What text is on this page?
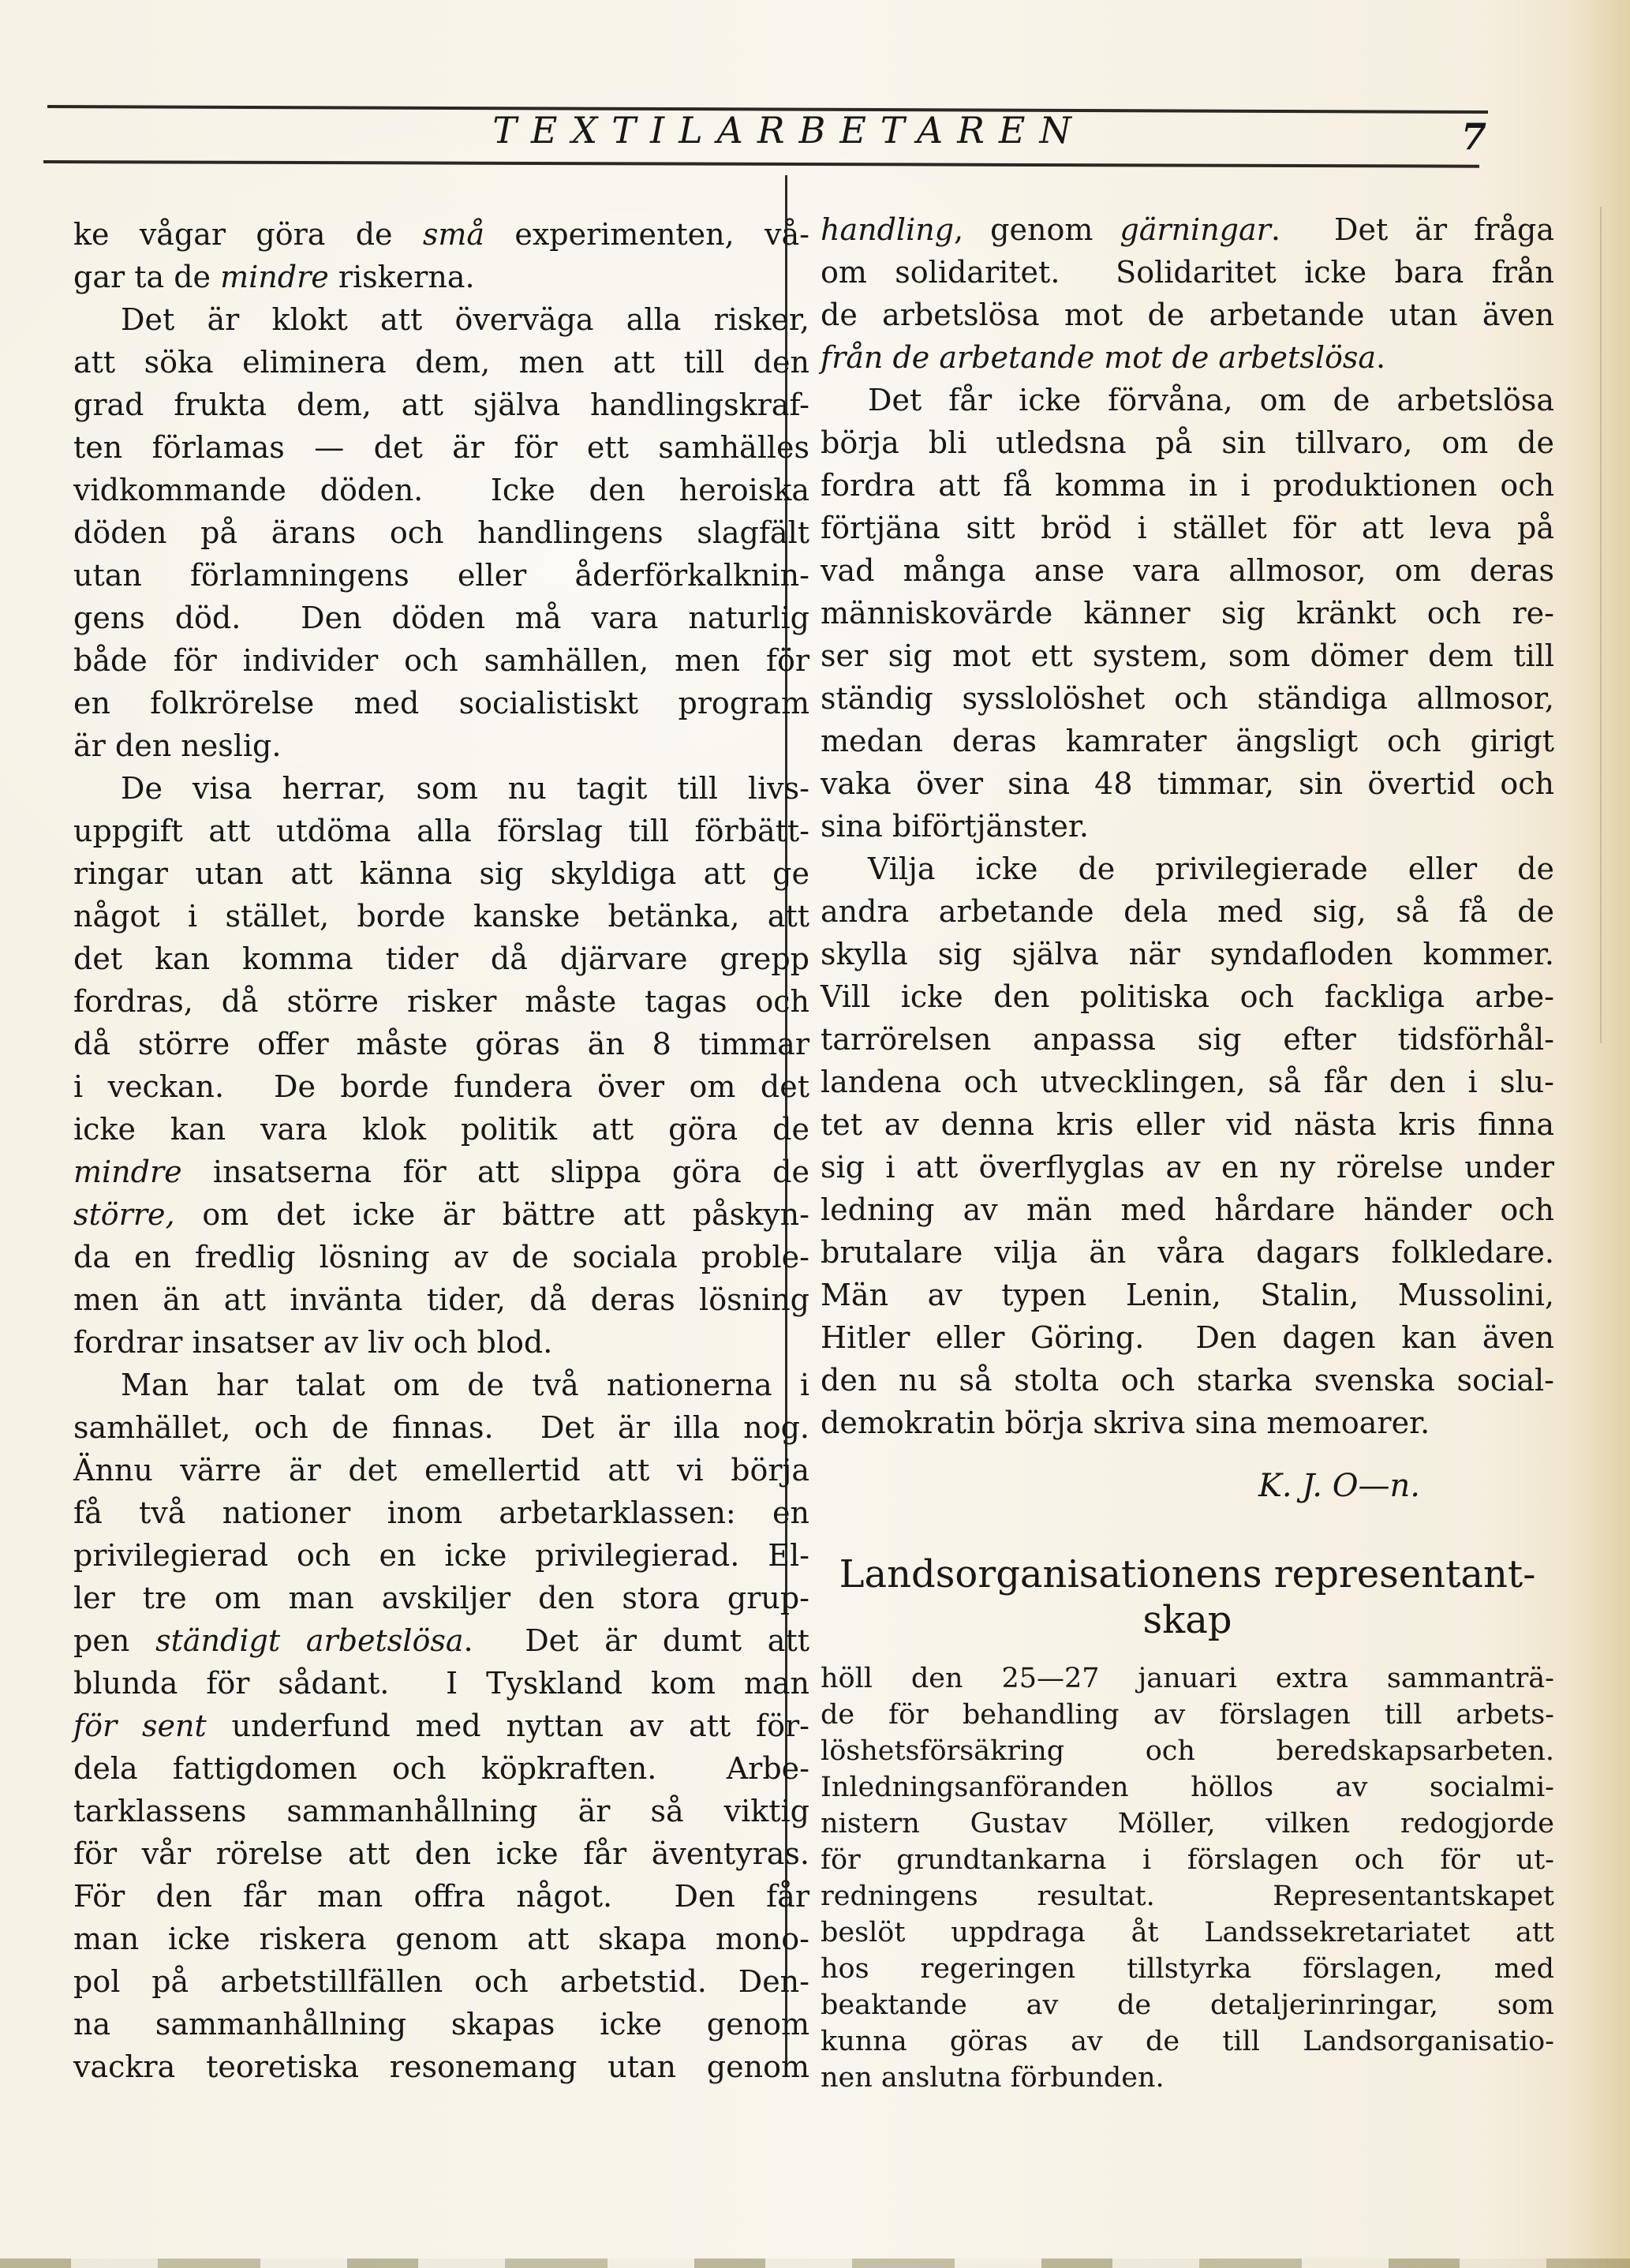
TEXTILARBETAREN	7
ke vågar göra de små experimenten, vå-
gar ta de mindre riskerna.
Det är klokt att överväga alla risker,
att söka eliminera dem, men att till den
grad frukta dem, att själva handlingskraf-
ten förlamas — det är för ett samhälles
vidkommande döden.  Icke den heroiska
döden på ärans och handlingens slagfält
utan förlamningens eller åderförkalknin-
gens död.  Den döden må vara naturlig
både för individer och samhällen, men för
en folkrörelse med socialistiskt program
är den neslig.
De visa herrar, som nu tagit till livs-
uppgift att utdöma alla förslag till förbätt-
ringar utan att känna sig skyldiga att ge
något i stället, borde kanske betänka, att
det kan komma tider då djärvare grepp
fordras, då större risker måste tagas och
då större offer måste göras än 8 timmar
i veckan.  De borde fundera över om det
icke kan vara klok politik att göra de
mindre insatserna för att slippa göra de
större, om det icke är bättre att påskyn-
da en fredlig lösning av de sociala proble-
men än att invänta tider, då deras lösning
fordrar insatser av liv och blod.
Man har talat om de två nationerna i
samhället, och de finnas.  Det är illa nog.
Ännu värre är det emellertid att vi börja
få två nationer inom arbetarklassen: en
privilegierad och en icke privilegierad. El-
ler tre om man avskiljer den stora grup-
pen ständigt arbetslösa.  Det är dumt att
blunda för sådant.  I Tyskland kom man
för sent underfund med nyttan av att för-
dela fattigdomen och köpkraften.  Arbe-
tarklassens sammanhållning är så viktig
för vår rörelse att den icke får äventyras.
För den får man offra något.  Den får
man icke riskera genom att skapa mono-
pol på arbetstillfällen och arbetstid. Den-
na sammanhållning skapas icke genom
vackra teoretiska resonemang utan genom
handling, genom gärningar.  Det är fråga
om solidaritet.  Solidaritet icke bara från
de arbetslösa mot de arbetande utan även
från de arbetande mot de arbetslösa.
Det får icke förvåna, om de arbetslösa
börja bli utledsna på sin tillvaro, om de
fordra att få komma in i produktionen och
förtjäna sitt bröd i stället för att leva på
vad många anse vara allmosor, om deras
människovärde känner sig kränkt och re-
ser sig mot ett system, som dömer dem till
ständig sysslolöshet och ständiga allmosor,
medan deras kamrater ängsligt och girigt
vaka över sina 48 timmar, sin övertid och
sina biförtjänster.
Vilja icke de privilegierade eller de
andra arbetande dela med sig, så få de
skylla sig själva när syndafloden kommer.
Vill icke den politiska och fackliga arbe-
tarrörelsen anpassa sig efter tidsförhål-
landena och utvecklingen, så får den i slu-
tet av denna kris eller vid nästa kris finna
sig i att överflyglas av en ny rörelse under
ledning av män med hårdare händer och
brutalare vilja än våra dagars folkledare.
Män av typen Lenin, Stalin, Mussolini,
Hitler eller Göring.  Den dagen kan även
den nu så stolta och starka svenska social-
demokratin börja skriva sina memoarer.
K. J. O—n.
Landsorganisationens representant-
skap
höll den 25—27 januari extra sammanträ-
de för behandling av förslagen till arbets-
löshetsförsäkring och beredskapsarbeten.
Inledningsanföranden höllos av socialmi-
nistern Gustav Möller, vilken redogjorde
för grundtankarna i förslagen och för ut-
redningens resultat.  Representantskapet
beslöt uppdraga åt Landssekretariatet att
hos regeringen tillstyrka förslagen, med
beaktande av de detaljerinringar, som
kunna göras av de till Landsorganisatio-
nen anslutna förbunden.
